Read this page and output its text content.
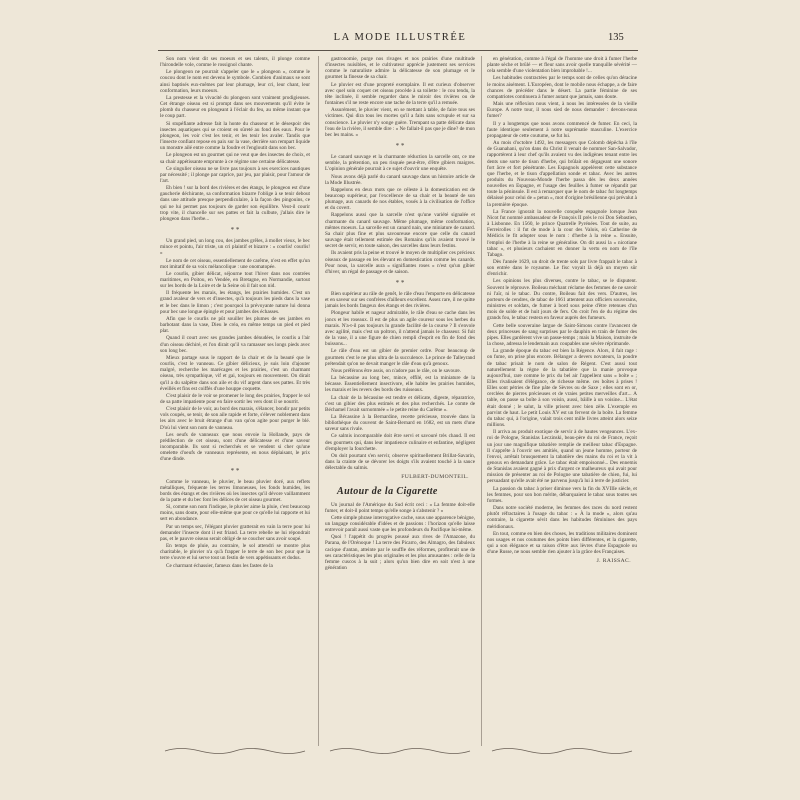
LA MODE ILLUSTRÉE	135

Son nom vient dit ses moeurs et ses talents, il plonge comme l'hirondelle vole, comme le rossignol chante.

Le plongeon ne pourrait s'appeler que le « plongeon », comme le coucou dont le nom est devenu le symbole. Combien d'animaux se sont ainsi baptisés eux-mêmes par leur plumage, leur cri, leur chant, leur conformation, leurs moeurs.

La prestesse et la vivacité du plongeon sont vraiment prodigieuses. Cet étrange oiseau est si prompt dans ses mouvements qu'il évite le plomb du chasseur en plongeant à l'éclair du feu, au même instant que le coup part.

Si stupéfiante adresse fait la honte du chasseur et le désespoir des insectes aquatiques qui se croient en sûreté au fond des eaux. Pour le plongeon, les voir c'est les tenir, et les tenir les avaler. Tandis que l'insecte confiant repose en paix sur la vase, derrière son rempart liquide un monstre ailé entre comme la foudre et l'engloutit dans son bec.

Le plongeon est un gourmet qui ne veut que des insectes de choix, et sa chair appétissante emprunte à ce régime une certaine délicatesse.

Ce singulier oiseau ne se livre pas toujours à ses exercices nautiques par nécessité ; il plonge par caprice, par jeu, par plaisir, pour l'amour de l'art.

Eh bien ! sur la bord des rivières et des étangs, le plongeon est d'une gaucherie déchirante, sa conformation bizarre l'oblige à se tenir debout dans une attitude presque perpendiculaire, à la façon des pingouins, ce qui ne lui permet pas toujours de garder son équilibre. Veut-il courir trop vite, il chancelle sur ses pattes et fait la culbute, j'allais dire le plongeon dans l'herbe...

* *

Un grand pied, un long cou, des jambes grêles, à mollet vieux, le bec mince et pointu, l'air triste, un cri plaintif et bizarre : « courlis! courlis! »

Le nom de cet oiseau, essentiellement de carême, n'est en effet qu'un mot imitatif de sa voix mélancolique : une onomatopée.

Le courlis, gibier délicat, séjourne tout l'hiver dans nos contrées maritimes, en Poitou, en Vendée, en Bretagne, en Normandie, surtout sur les bords de la Loire et de la Seine où il fait son nid.

Il fréquente les marais, les étangs, les prairies humides. C'est un grand avaleur de vers et d'insectes, qu'à toujours les pieds dans la vase et le bec dans le limon ; c'est pourquoi la prévoyante nature lui donna pour bec une longue épingle et pour jambes des échasses.

Afin que le courlis ne pût souiller les plumes de ses jambes en barbotant dans la vase, Dieu le créa, en même temps un pied et pied plat.

Quand il court avec ses grandes jambes dénudées, le courlis a l'air d'un oiseau déchiré, et l'on dirait qu'il va ramasser ses longs pieds avec son long bec.

Mieux partage sous le rapport de la chair et de la beauté que le courlis, c'est le vanneau. Ce gibier délicieux, je suis loin d'ajouter malgré, recherche les marécages et les prairies, c'est un charmant oiseau, très sympathique, vif et gai, toujours en mouvement. On dirait qu'il a du salpêtre dans son aile et du vif argent dans ses pattes. Et très éveillés et fins est coiffés d'une houppe coquette.

C'est plaisir de le voir se promener le long des prairies, frapper le sol de sa patte impatiente pour en faire sortir les vers dont il se nourrit.

C'est plaisir de le voir, au bord des marais, s'élancer, bondir par petits vols coupés, se tenir, de son aile rapide et forte, s'élever noblement dans les airs avec le bruit étrange d'un van qu'on agite pour purger le blé. D'où lui vient son nom de vanneau.

Les oeufs de vanneaux que nous envoie la Hollande, pays de prédilection de cet oiseau, sont d'une délicatesse et d'une saveur incomparable. Ils sont si recherchés et se vendent si cher qu'une omelette d'oeufs de vanneaux représente, en nous déplaisant, le prix d'une dinde.

* *

Comme le vanneau, le pluvier, le beau pluvier doré, aux reflets métalliques, fréquente les terres limoneuses, les fonds humides, les bords des étangs et des rivières où les insectes qu'il dévore vaillamment de la patte et du bec font les délices de cet oiseau gourmet.

Si, comme son nom l'indique, le pluvier aime la pluie, c'est beaucoup moins, sans doute, pour elle-même que pour ce qu'elle lui rapporte et lui sert en abondance.

Par un temps sec, l'élégant pluvier gratterait en vain la terre pour lui demander l'insecte dont il est friand. La terre rebelle ne lui répondrait pas, et le pauvre oiseau serait obligé de se coucher sans avoir soupé.

En temps de pluie, au contraire, le sol attendri se montre plus charitable, le pluvier n'a qu'à frapper le terre de son bec pour que la terre s'ouvre et lui serve tout un festin de vers appétissants et dodus.

Ce charmant échassier, fameux dans les fastes de la

gastronomie, purge nos rivages et nos prairies d'une multitude d'insectes nuisibles, et le cultivateur apprécie justement ses services comme le naturaliste admire la délicatesse de son plumage et le gourmet la finesse de sa chair.

Le pluvier est d'une propreté exemplaire. Il est curieux d'observer avec quel soin coquet cet oiseau procède à sa toilette : le cou tendu, la tête inclinée, il semble regarder dans le miroir des rivières ou de fontaines s'il ne reste encore une tache de la terre qu'il a remuée.

Assurément, le pluvier vient, en se mettant à table, de faire tous ses victimes. Qui dira tous les mortes qu'il a faits sans scrupule et sur sa conscience. Le pluvier n'y songe guère. Trempant sa patte délicate dans l'eau de la rivière, il semble dire : « Ne fallait-il pas que je dîne? de mon bec les mains. »

* *

Le canard sauvage et la charmante réduction la sarcelle ont, ce me semble, la prétention, un peu risquée peut-être, d'être gibiers maigres. L'opinion générale pourrait à ce sujet d'ouvrir une enquête.

Nous avons déjà parlé du canard sauvage dans un histoire article de la Mode Illustrée.

Rappelons en deux mots que ce céleste à la domestication est de beaucoup supérieur, par l'excellence de sa chair et la beauté de son plumage, aux canards de nos étables, voués à la civilisation de l'office et du covert.

Rappelons aussi que la sarcelle n'est qu'une variété signalée et charmante du canard sauvage. Même plumage, même conformation, mêmes moeurs. La sarcelle est un canard nain, une miniature de canard. Sa chair plus fine et plus savoureuse encore que celle du canard sauvage était tellement estimée des Romains qu'ils avaient trouvé le secret de servir, en toute saison, des sarcelles dans leurs festins.

Ils avaient pris la peine et trouvé le moyen de multiplier ces précieux oiseaux de passage en les élevant en domestication comme les canards. Pour nous, la sarcelle aura « signifiantes roses » n'est qu'un gibier d'hiver, un régal de passage et de saison.

* *

Bien supérieur au râle de genêt, le râle d'eau l'emporte en délicatesse et en saveur sur ses confrères d'ailleurs excellent. Assez rare, il ne quitte jamais les bords fangeux des étangs et des rivières.

Plongeur habile et nageur admirable, le râle d'eau se cache dans les joncs et les roseaux. Il est de plus un agile coureur sous les herbes du marais. N'a-t-il pas toujours lu grande facilité de la course ? Il s'envole avec agilité, mais c'est un poltron, il n'attend jamais le chasseur. Si fuit de la vase, il a une figure de chien rempli d'esprit en fin de fond des buissons...

Le râle d'eau est un gibier de premier ordre. Pour beaucoup de gourmets c'est le ne plus ultra de la succulence. Le prince de Talleyrand prétendait qu'on ne devait manger le râle d'eau qu'à genoux.

Nous préférons être assis, on n'adore pas le râle, on le savoure.

La bécassine au long bec, mince, effilé, est la miniature de la bécasse. Essentiellement insectivore, elle habite les prairies humides, les marais et les revers des bords des ruisseaux.

La chair de la bécassine est tendre et délicate, digeste, réparatrice, c'est un gibier des plus estimés et des plus recherchés. Le comte de Béchamel l'avait surnommée « le petite reine du Carême ».

La Bécassine à la Bernardine, recette précieuse, trouvée dans la bibliothèque du couvent de Saint-Bernard en 1682, est un mets d'une saveur sans rivale.

Ce salmis incomparable doit être servi et savouré très chaud. Il est des gourmets qui, dans leur impatience culinaire et enfantine, négligent d'employer la fourchette.

On doit pourtant s'en servir, observe spirituellement Brillat-Savarin, dans la crainte de se dévorer les doigts s'ils avaient touché à la sauce délectable du salmis.

FULBERT-DUMONTEIL.
Autour de la Cigarette

Un journal de l'Amérique du Sud écrit ceci : « La femme doit-elle fumer, et doit-il point temps qu'elle songe à s'abstenir ? »

Cette simple phrase interrogative cache, sous une apparence bénigne, un langage considérable d'idées et de passions : l'horizon qu'elle laisse entrevoir paraît aussi vaste que les profondeurs du Pacifique lui-même.

Quoi ! l'appétit du progrès poussé aux rives de l'Amazone, du Parana, de l'Orénoque ! La terre des Picarro, des Almagro, des fabuleux cacique d'antan, atteinte par le souffle des réformes, profiterait une de ses caractéristiques les plus originales et les plus amusantes : celle de la femme cuscos à la suit ; alors qu'un bien dire en soit n'est à une génération

en génération, comme à l'égal de l'homme une droit à fumer l'herbe plante sèche et brûlé — et fleur sans avoir quelle tranquille sévérité — cela semble d'une violentation bien improbable !...

Les habitudes contractées par le temps sont de celles qu'on déracine le moins aisément. L'Européen, dont le mobile nous échappe, a de faire chances de précéder dans le désert. La partie féminine de ses compatriotes continuera à fumer autant que jamais, sans doute.

Mais une réflexion nous vient, à nous les intéressées de la vieille Europe. A notre tour, il nous sied de nous demander : devons-nous fumer?

Il y a longtemps que nous avons commencé de fumer. En ceci, la faute identique seulement à notre suprématie masculine. L'exercice propagateur de cette coutume, se fut lui.

Au mois d'octobre 1492, les messagers que Colomb dépêcha à l'île de Guanahani, qu'on dans du Christ il venait de nommer San-Salvador, rapportèrent à leur chef qu'ils avaient vu des indigènes tenant entre les dents une sorte de tison d'herbe, qui brûlait en dégageant une sonore fort âcre et fort pénétrante. Les Espagnols appelèrent cette substance que l'herbe, et le tison d'appellation sonde et tabac. Avec les autres produits du Nouveau-Monde l'herbe passa dès les deux années nouvelles en Espagne, et l'usage des feuilles à fumer se répandit par toute la péninsule. Il est à remarquer que le nom de tabac fut longtemps délaissé pour celui de « petun », mot d'origine brésilienne qui prévalut à la première époque.

La France ignorait la nouvelle conquête espagnole lorsque Jean Nicot fut nommé ambassadeur de François II près le roi Don Sébastien, à Lisbonne. En 1560, le prince Quatrelle Pyrénées. Tout de suite, au Ferreirolles : il fut de mode à la cour des Valois, où Catherine de Médicis le fit adopter sous le nom : d'herbe à la reine ». Ensuite, l'emploi de l'herbe à la reine se généralise. On dit aussi la « nicotiane tabac », et plusieurs cachaient en donner la vertu en nom de l'île Tabago.

Dès l'année 1629, un droit de trente sols par livre frappait le tabac à son entrée dans le royaume. Le fisc voyait là déjà un moyen sûr d'enrichir.

Les opinions les plus diverses, contre le tabac, se le disputent. Souvent le réprouve. Boileau méchant réclame des femmes de ne savoir ni l'aïr, ni le tabac. Du contre, Boileau fait des vers. D'autres, les porteurs de cendres, de tabac de 1661 attentent aux officiers souverains, ministres et soldats, de fumer à bord sous peine d'être retenues d'un mois de solde et de huit jours de fers. On croit l'en de du régime des grands fou, le tabac restera en faveur auprès des fumeurs.

Cette belle souveraine largue de Saint-Simons contre l'avancent de deux princesses de sang surprises par le dauphin en train de fumer des pipes. Elles gardèrent vive un passe-temps ; mais la Maison, instruite de la chose, adressa le lendemain aux coupables une sévère réprimande.

La grande époque du tabac est bien la Régence. Alors, il fait rage : on fume, on prise plus encore. Bélanger a devers novateurs, la poudre de tabac prisait le nom de salon de Régent. C'est aussi tout naturellement la règne de la tabatière que la manie provoque aujourd'hui, rare comme le prix du bel air l'appellent sans « boîte » ; Elles rivalisaient d'élégance, de richesse même. ces boîtes à prises ! Elles sont pétries de fine pâte de Sèvres ou de Saxe ; elles sont en or, cerclées de pierres précieuses et de vraies petites merveilles d'art... A table, on passe sa boîte à son voisin, aussi, bâille à un voisine... L'état était donné ; le salut, la ville prisent avec bien zèle. L'exemple en parvint de haut. Le petit Louis XV est un fervent de la boîte. La femme du tabac qui, à l'origine, valait trois cent mille livres atteint alors seize millions.

Il arriva au produit exotique de servir à de hautes vengeances. L'ex-roi de Pologne, Stanislas Leczinski, beau-père du roi de France, reçoit un jour une magnifique tabatière remplie de meilleur tabac d'Espagne. Il s'apprête à l'ouvrir ses amitiés, quand un jeune homme, porteur de l'envoi, arrêtait brusquement la tabatière des mains du roi et la vit à genoux en demandant grâce. Le tabac était empoisonné... Des ennemis de Stanislas avaient gagné à prix d'argent ce malheureux qui avait pour mission de présenter au roi de Pologne une tabatière de chien, fui, lui persuadant qu'elle avait été ne parvenu jusqu'à lui à terre de justicier.

La passion du tabac à priser diminue vers la fin du XVIIIe siècle, et les femmes, pour son bon mérite, débarquaient le tabac sous toutes ses formes.

Dans notre société moderne, les femmes des races du nord restent plutôt réfractaires à l'usage du tabac : « À la mode », alors qu'au contraire, la cigarette sévit dans les habitudes féminines des pays méridionaux.

En tout, comme en bien des choses, les traditions militaires dominent nos usages et nos coutumes des points bien différentes, et la cigarette, qui a son élégance et sa raison d'être aux lèvres d'une Espagnole ou d'une Russe, ne nous semble rien ajouter à la grâce des Françaises.

J. RAISSAC.
